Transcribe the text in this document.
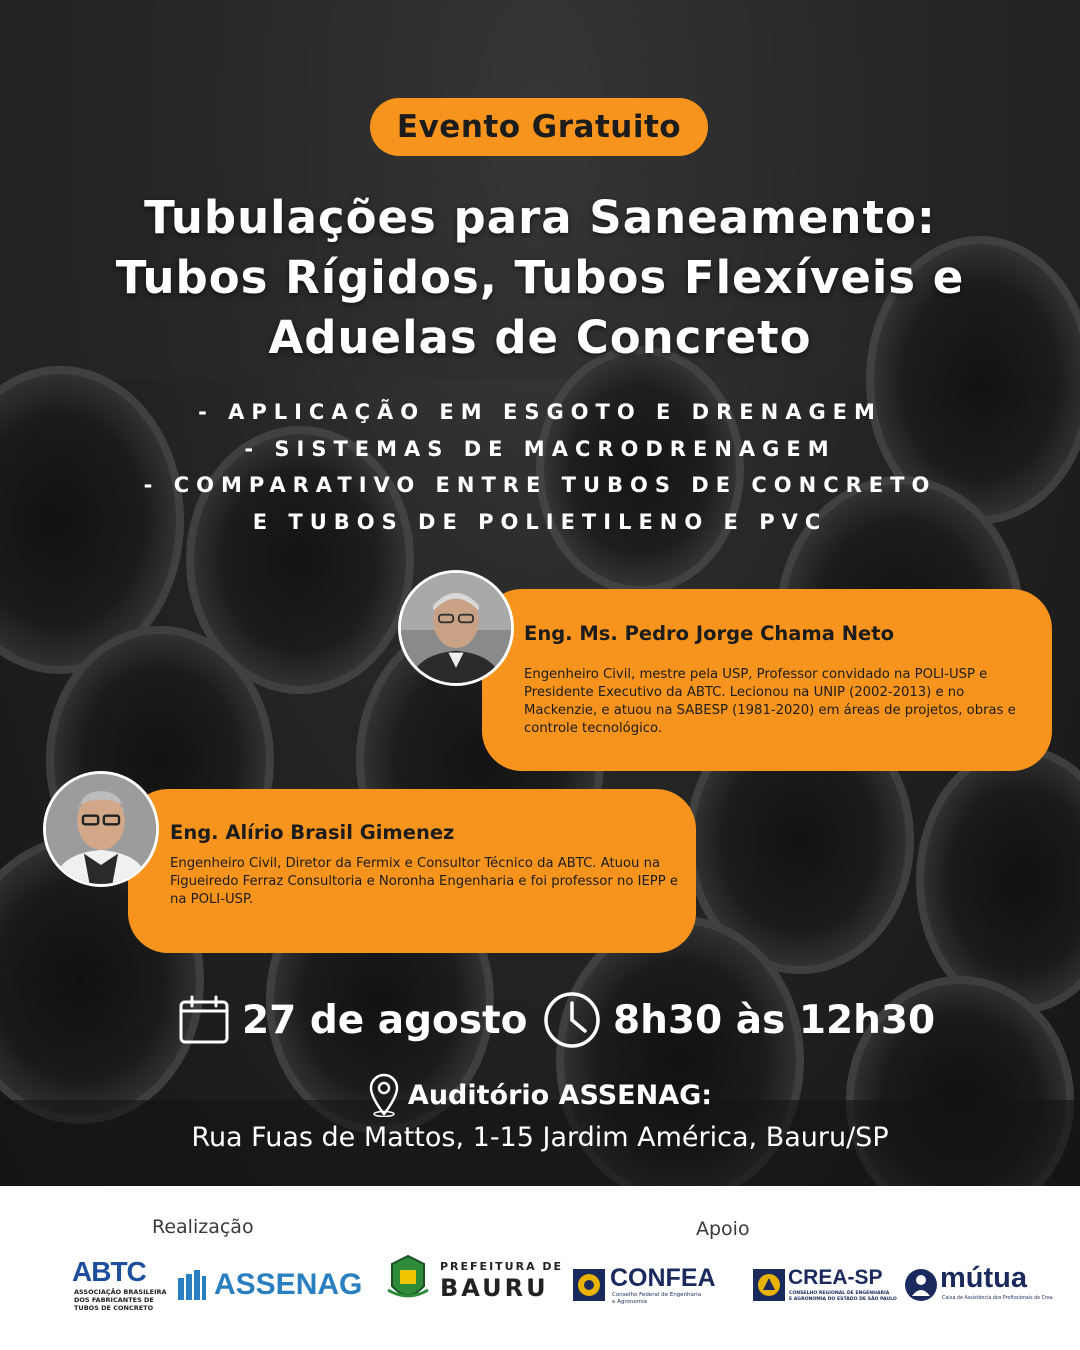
Evento Gratuito
Tubulações para Saneamento:
Tubos Rígidos, Tubos Flexíveis e
Aduelas de Concreto
- APLICAÇÃO EM ESGOTO E DRENAGEM
- SISTEMAS DE MACRODRENAGEM
- COMPARATIVO ENTRE TUBOS DE CONCRETO
E TUBOS DE POLIETILENO E PVC
Eng. Ms. Pedro Jorge Chama Neto
Engenheiro Civil, mestre pela USP, Professor convidado na POLI-USP e Presidente Executivo da ABTC. Lecionou na UNIP (2002-2013) e no Mackenzie, e atuou na SABESP (1981-2020) em áreas de projetos, obras e controle tecnológico.
Eng. Alírio Brasil Gimenez
Engenheiro Civil, Diretor da Fermix e Consultor Técnico da ABTC. Atuou na Figueiredo Ferraz Consultoria e Noronha Engenharia e foi professor no IEPP e na POLI-USP.
27 de agosto 8h30 às 12h30
Auditório ASSENAG:
Rua Fuas de Mattos, 1-15 Jardim América, Bauru/SP
Realização	Apoio
ABTC
ASSOCIAÇÃO BRASILEIRA
DOS FABRICANTES DE
TUBOS DE CONCRETO
ASSENAG
PREFEITURA DE
BAURU CONFEA
Conselho Federal de Engenharia
e Agronomia
CREA-SP
CONSELHO REGIONAL DE ENGENHARIA
E AGRONOMIA DO ESTADO DE SÃO PAULO
mútua
Caixa de Assistência dos Profissionais do Crea
